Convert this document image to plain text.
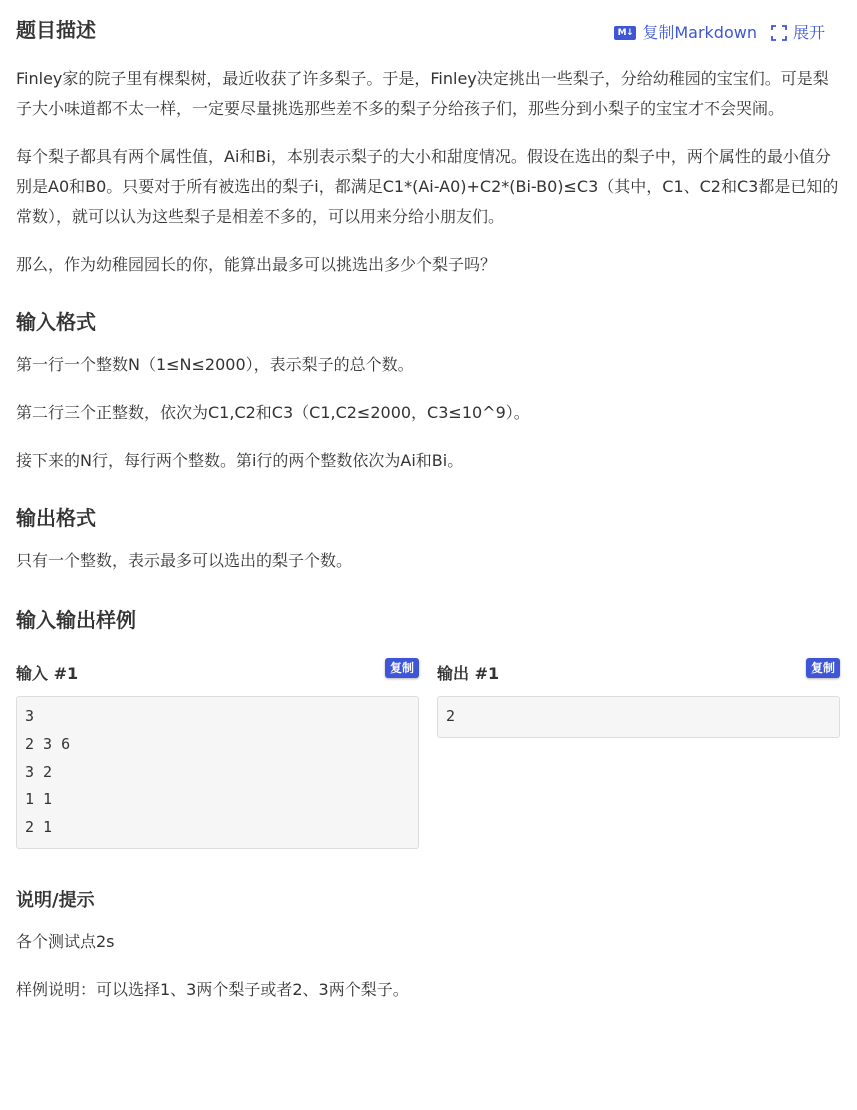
题目描述	M↓ 复制Markdown 展开

Finley家的院子里有棵梨树，最近收获了许多梨子。于是，Finley决定挑出一些梨子，分给幼稚园的宝宝们。可是梨子大小味道都不太一样，一定要尽量挑选那些差不多的梨子分给孩子们，那些分到小梨子的宝宝才不会哭闹。

每个梨子都具有两个属性值，Ai和Bi，本别表示梨子的大小和甜度情况。假设在选出的梨子中，两个属性的最小值分别是A0和B0。只要对于所有被选出的梨子i，都满足C1*(Ai-A0)+C2*(Bi-B0)≤C3（其中，C1、C2和C3都是已知的常数），就可以认为这些梨子是相差不多的，可以用来分给小朋友们。

那么，作为幼稚园园长的你，能算出最多可以挑选出多少个梨子吗？

输入格式

第一行一个整数N（1≤N≤2000），表示梨子的总个数。

第二行三个正整数，依次为C1,C2和C3（C1,C2≤2000，C3≤10^9）。

接下来的N行，每行两个整数。第i行的两个整数依次为Ai和Bi。

输出格式

只有一个整数，表示最多可以选出的梨子个数。

输入输出样例
输入 #1	复制
3
2 3 6
3 2
1 1
2 1
输出 #1	复制
2
说明/提示

各个测试点2s

样例说明：可以选择1、3两个梨子或者2、3两个梨子。
